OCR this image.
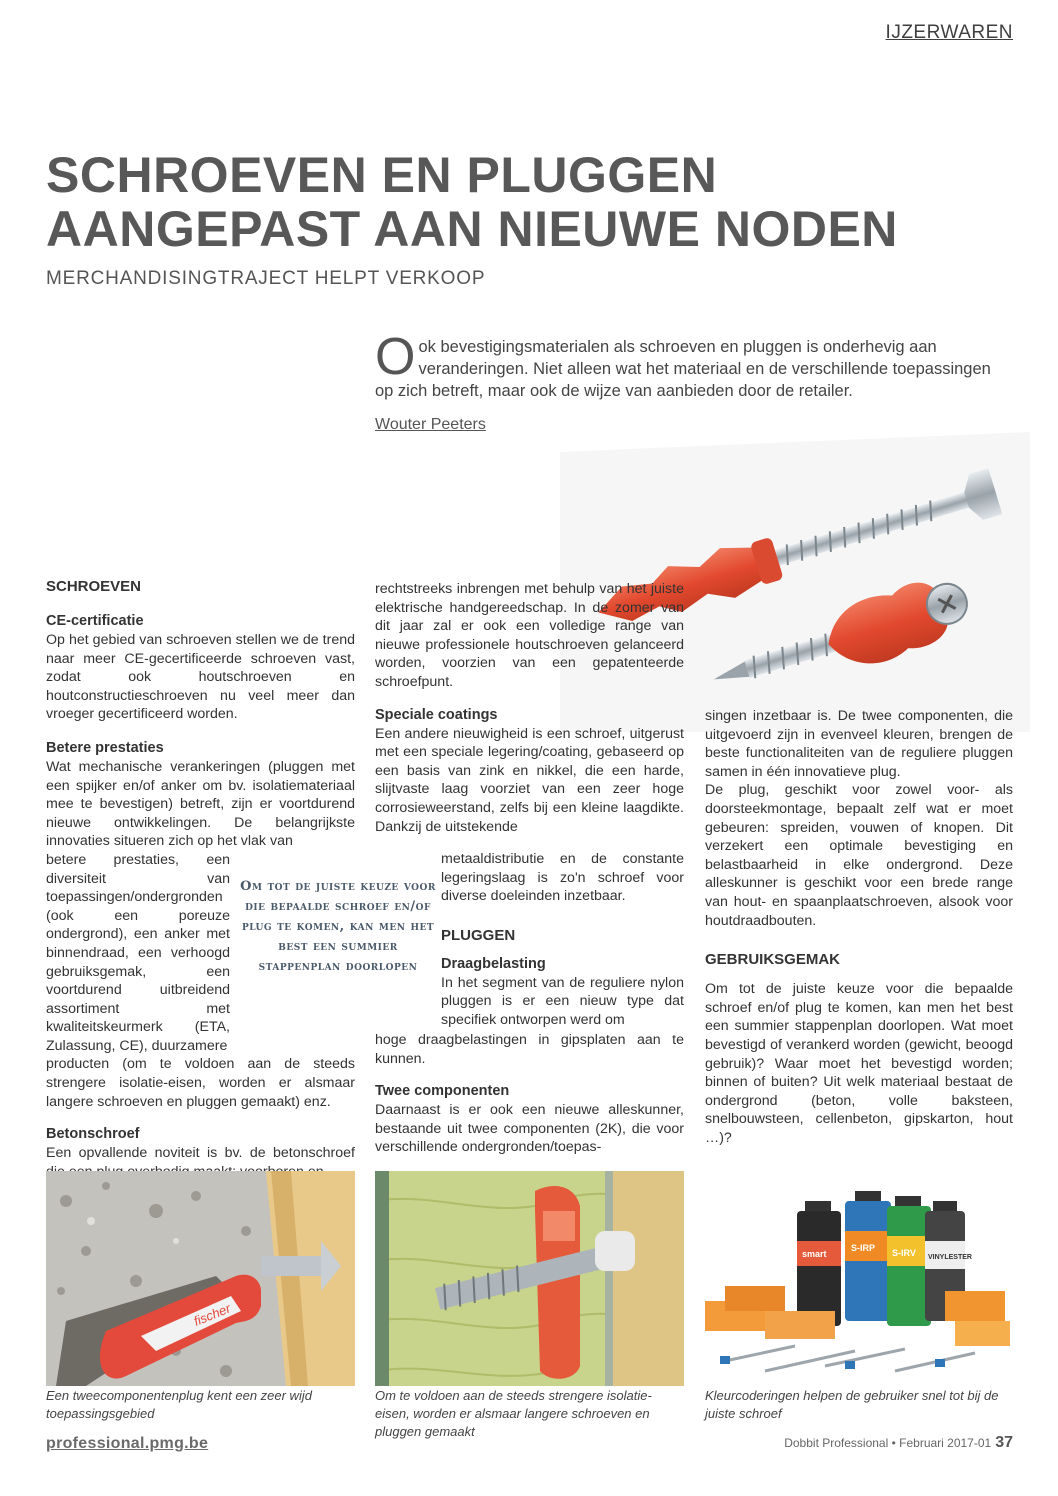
IJZERWAREN
SCHROEVEN EN PLUGGEN
AANGEPAST AAN NIEUWE NODEN
MERCHANDISINGTRAJECT HELPT VERKOOP
Ook bevestigingsmaterialen als schroeven en pluggen is onderhevig aan veranderingen. Niet alleen wat het materiaal en de verschillende toepassingen op zich betreft, maar ook de wijze van aanbieden door de retailer.
Wouter Peeters
SCHROEVEN
CE-certificatie

Op het gebied van schroeven stellen we de trend naar meer CE-gecertificeerde schroeven vast, zodat ook houtschroeven en houtconstructieschroeven nu veel meer dan vroeger gecertificeerd worden.

Betere prestaties

Wat mechanische verankeringen (pluggen met een spijker en/of anker om bv. isolatiemateriaal mee te bevestigen) betreft, zijn er voortdurend nieuwe ontwikkelingen. De belangrijkste innovaties situeren zich op het vlak van

betere prestaties, een diversiteit van toepassingen/ondergronden (ook een poreuze ondergrond), een anker met binnendraad, een verhoogd gebruiksgemak, een voortdurend uitbreidend assortiment met kwaliteitskeurmerk (ETA, Zulassung, CE), duurzamere

producten (om te voldoen aan de steeds strengere isolatie-eisen, worden er alsmaar langere schroeven en pluggen gemaakt) enz.

Betonschroef

Een opvallende noviteit is bv. de betonschroef

Om tot de juiste keuze voor die bepaalde schroef en/of plug te komen, kan men het best een summier stappenplan doorlopen

rechtstreeks inbrengen met behulp van het juiste elektrische handgereedschap. In de zomer van dit jaar zal er ook een volledige range van nieuwe professionele houtschroeven gelanceerd worden, voorzien van een gepatenteerde schroefpunt.

Speciale coatings

Een andere nieuwigheid is een schroef, uitgerust met een speciale legering/coating, gebaseerd op een basis van zink en nikkel, die een harde, slijtvaste laag voorziet van een zeer hoge corrosieweerstand, zelfs bij een kleine laagdikte. Dankzij de uitstekende

metaaldistributie en de constante legeringslaag is zo'n schroef voor diverse doeleinden inzetbaar.

PLUGGEN
Draagbelasting

In het segment van de reguliere nylon pluggen is er een nieuw type dat specifiek ontworpen werd om

hoge draagbelastingen in gipsplaten aan te kunnen.

Twee componenten

Daarnaast is er ook een nieuwe alleskunner, bestaande uit twee componenten (2K), die voor verschillende ondergronden/toepas-

singen inzetbaar is. De twee componenten, die uitgevoerd zijn in evenveel kleuren, brengen de beste functionaliteiten van de reguliere pluggen samen in één innovatieve plug.

De plug, geschikt voor zowel voor- als doorsteekmontage, bepaalt zelf wat er moet gebeuren: spreiden, vouwen of knopen. Dit verzekert een optimale bevestiging en belastbaarheid in elke ondergrond. Deze alleskunner is geschikt voor een brede range van hout- en spaanplaatschroeven, alsook voor houtdraadbouten.

GEBRUIKSGEMAK

Om tot de juiste keuze voor die bepaalde schroef en/of plug te komen, kan men het best een summier stappenplan doorlopen. Wat moet bevestigd of verankerd worden (gewicht, beoogd gebruik)? Waar moet het bevestigd worden; binnen of buiten? Uit welk materiaal bestaat de ondergrond (beton, volle baksteen, snelbouwsteen, cellenbeton, gipskarton, hout …)?

fischer
Een tweecomponentenplug kent een zeer wijd toepassingsgebied
Om te voldoen aan de steeds strengere isolatie-eisen, worden er alsmaar langere schroeven en pluggen gemaakt
S-IRP S-IRV VINYLESTER
smart
Kleurcoderingen helpen de gebruiker snel tot bij de juiste schroef
professional.pmg.be	Dobbit Professional • Februari 2017-01 37
